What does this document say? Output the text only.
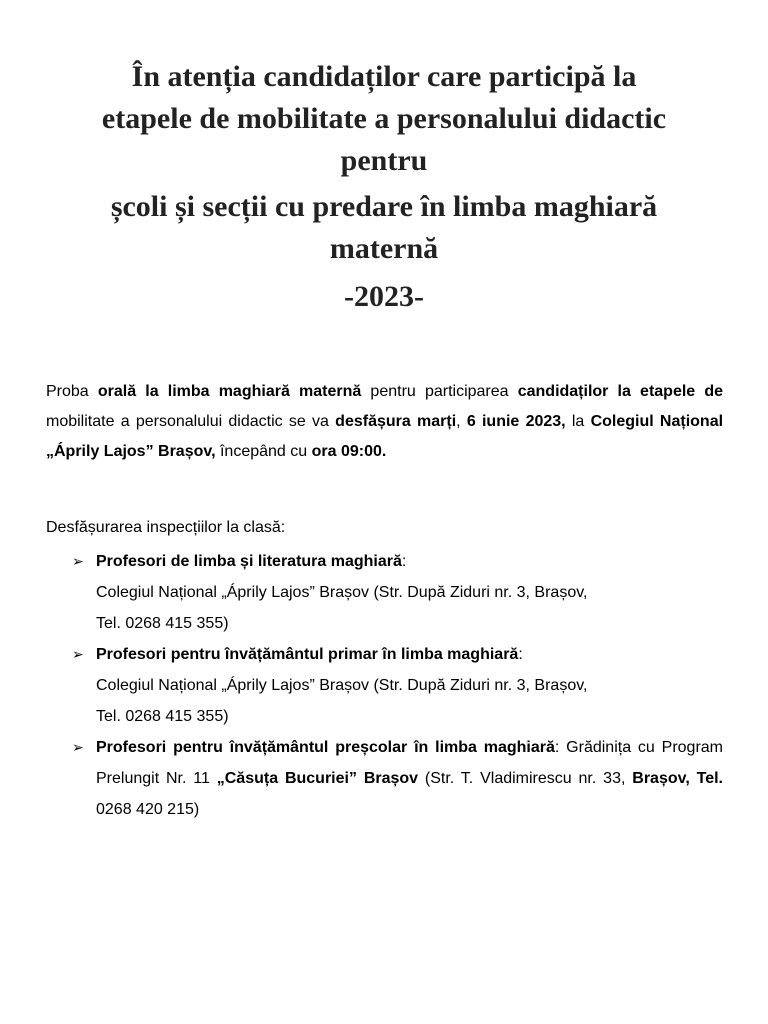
În atenția candidaților care participă la
etapele de mobilitate a personalului didactic
pentru
școli și secții cu predare în limba maghiară
maternă
-2023-

Proba orală la limba maghiară maternă pentru participarea candidaților la etapele de mobilitate a personalului didactic se va desfășura marți, 6 iunie 2023, la Colegiul Național „Áprily Lajos” Brașov, începând cu ora 09:00.

Desfășurarea inspecțiilor la clasă:

➢ Profesori de limba și literatura maghiară:
Colegiul Național „Áprily Lajos” Brașov (Str. După Ziduri nr. 3, Brașov,
Tel. 0268 415 355)
➢ Profesori pentru învățământul primar în limba maghiară:
Colegiul Național „Áprily Lajos” Brașov (Str. După Ziduri nr. 3, Brașov,
Tel. 0268 415 355)
➢ Profesori pentru învățământul preșcolar în limba maghiară: Grădinița cu Program Prelungit Nr. 11 „Căsuța Bucuriei” Brașov (Str. T. Vladimirescu nr. 33, Brașov, Tel. 0268 420 215)
